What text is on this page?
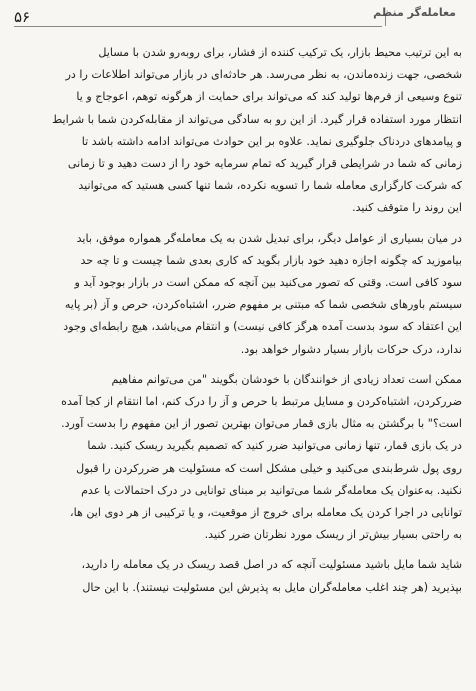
۵۶	معامله‌گر منظم
به این ترتیب محیط بازار، یک ترکیب کننده از فشار، برای روبه‌رو شدن با مسایل
شخصی، جهت زنده‌ماندن، به نظر می‌رسد. هر حادثه‌ای در بازار می‌تواند اطلاعات را در
تنوع وسیعی از فرم‌ها تولید کند که می‌تواند برای حمایت از هرگونه توهم، اعوجاج و یا
انتظار مورد استفاده قرار گیرد. از این رو به سادگی می‌تواند از مقابله‌کردن شما با شرایط
و پیامدهای دردناک جلوگیری نماید. علاوه بر این حوادث می‌تواند ادامه داشته باشد تا
زمانی که شما در شرایطی قرار گیرید که تمام سرمایه خود را از دست دهید و تا زمانی
که شرکت کارگزاری معامله شما را تسویه نکرده، شما تنها کسی هستید که می‌توانید
این روند را متوقف کنید.
در میان بسیاری از عوامل دیگر، برای تبدیل شدن به یک معامله‌گر همواره موفق، باید
بیاموزید که چگونه اجازه دهید خود بازار بگوید که کاری بعدی شما چیست و تا چه حد
سود کافی است. وقتی که تصور می‌کنید بین آنچه که ممکن است در بازار بوجود آید و
سیستم باورهای شخصی شما که مبتنی بر مفهوم ضرر، اشتباه‌کردن، حرص و آز (بر پایه
این اعتقاد که سود بدست آمده هرگز کافی نیست) و انتقام می‌باشد، هیچ رابطه‌ای وجود
ندارد، درک حرکات بازار بسیار دشوار خواهد بود.
ممکن است تعداد زیادی از خوانندگان با خودشان بگویند "من می‌توانم مفاهیم
ضررکردن، اشتباه‌کردن و مسایل مرتبط با حرص و آز را درک کنم، اما انتقام از کجا آمده
است؟" با برگشتن به مثال بازی قمار می‌توان بهترین تصور از این مفهوم را بدست آورد.
در یک بازی قمار، تنها زمانی می‌توانید ضرر کنید که تصمیم بگیرید ریسک کنید. شما
روی پول شرط‌بندی می‌کنید و خیلی مشکل است که مسئولیت هر ضررکردن را قبول
نکنید. به‌عنوان یک معامله‌گر شما می‌توانید بر مبنای توانایی در درک احتمالات یا عدم
توانایی در اجرا کردن یک معامله برای خروج از موقعیت، و یا ترکیبی از هر دوی این ها،
به راحتی بسیار بیش‌تر از ریسک مورد نظرتان ضرر کنید.
شاید شما مایل باشید مسئولیت آنچه که در اصل قصد ریسک در یک معامله را دارید،
بپذیرید (هر چند اغلب معامله‌گران مایل به پذیرش این مسئولیت نیستند). با این حال
